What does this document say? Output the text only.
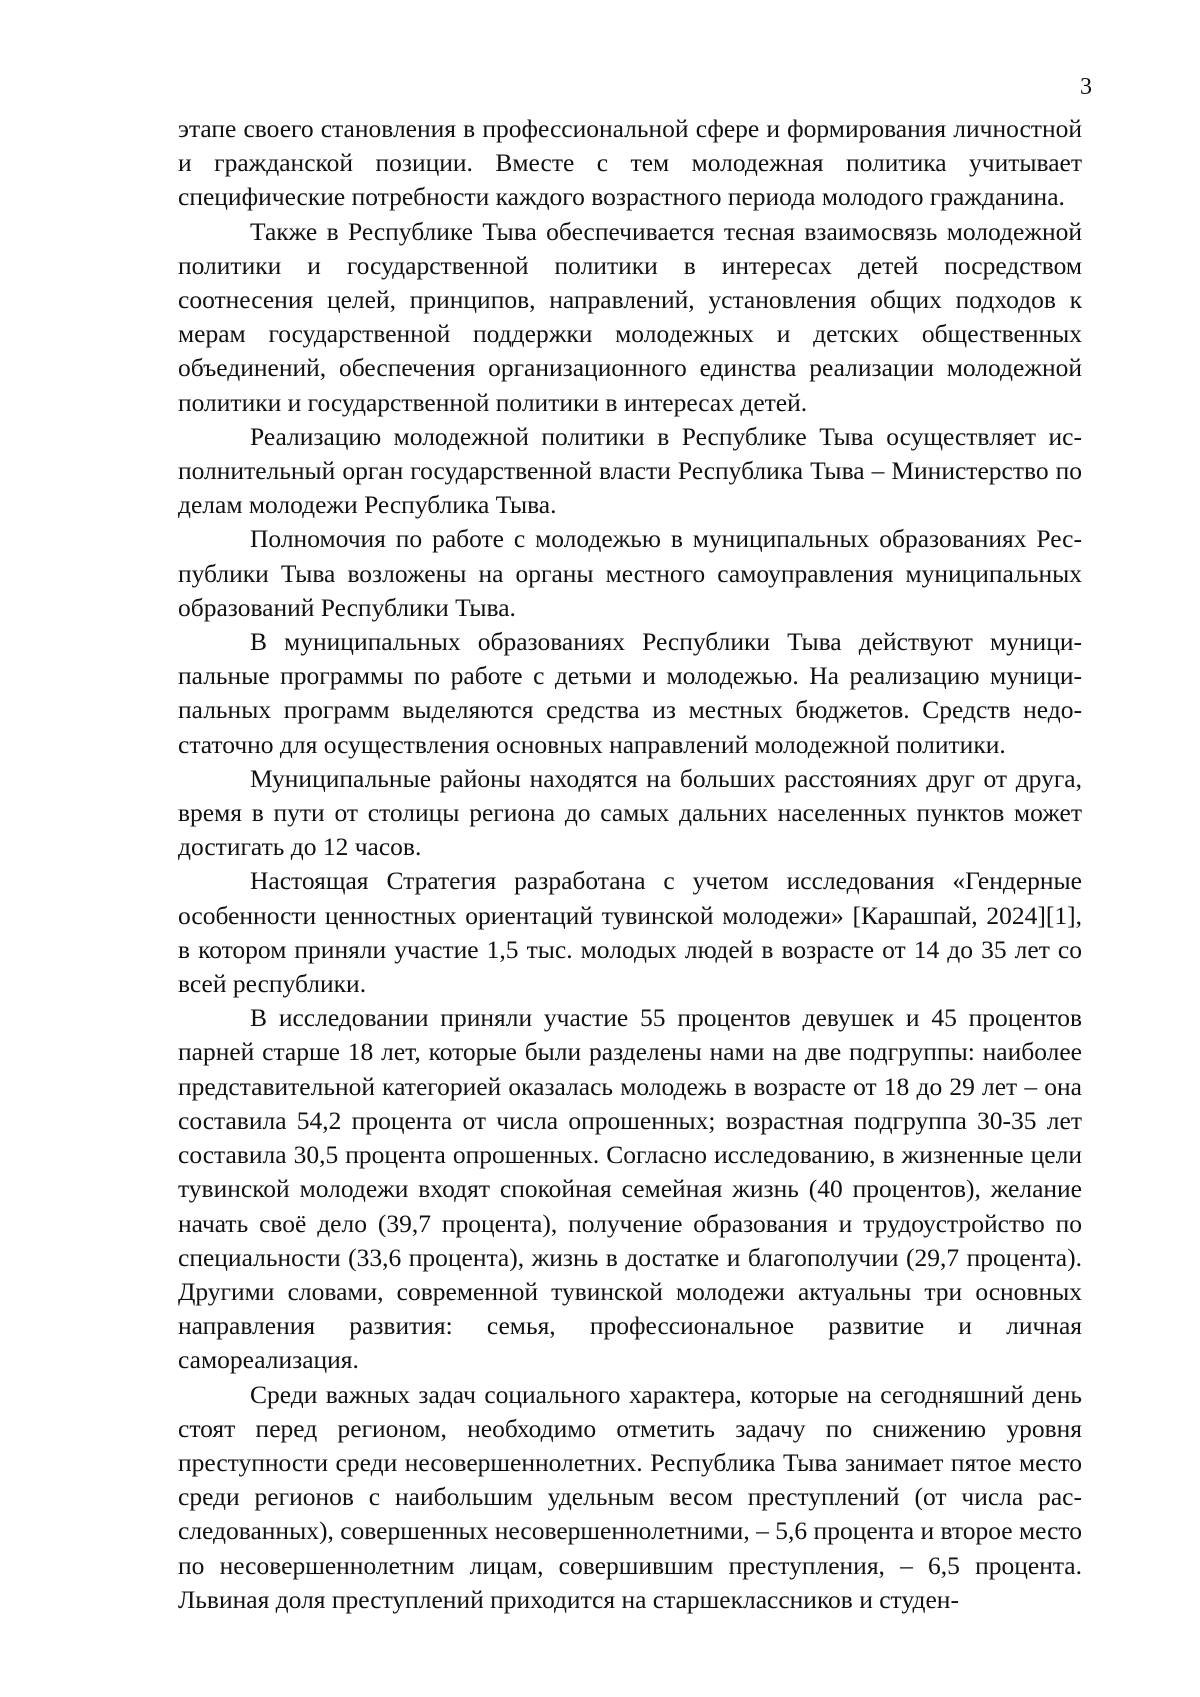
3

этапе своего становления в профессиональной сфере и формирования личностной и гражданской позиции. Вместе с тем молодежная политика учитывает специфические потребности каждого возрастного периода молодого гражданина.

Также в Республике Тыва обеспечивается тесная взаимосвязь молодежной политики и государственной политики в интересах детей посредством соотнесения целей, принципов, направлений, установления общих подходов к мерам государственной поддержки молодежных и детских общественных объединений, обеспечения организационного единства реализации молодежной политики и государственной политики в интересах детей.

Реализацию молодежной политики в Республике Тыва осуществляет исполнительный орган государственной власти Республика Тыва – Министерство по делам молодежи Республика Тыва.

Полномочия по работе с молодежью в муниципальных образованиях Республики Тыва возложены на органы местного самоуправления муниципальных образований Республики Тыва.

В муниципальных образованиях Республики Тыва действуют муниципальные программы по работе с детьми и молодежью. На реализацию муниципальных программ выделяются средства из местных бюджетов. Средств недостаточно для осуществления основных направлений молодежной политики.

Муниципальные районы находятся на больших расстояниях друг от друга, время в пути от столицы региона до самых дальних населенных пунктов может достигать до 12 часов.

Настоящая Стратегия разработана с учетом исследования «Гендерные особенности ценностных ориентаций тувинской молодежи» [Карашпай, 2024][1], в котором приняли участие 1,5 тыс. молодых людей в возрасте от 14 до 35 лет со всей республики.

В исследовании приняли участие 55 процентов девушек и 45 процентов парней старше 18 лет, которые были разделены нами на две подгруппы: наиболее представительной категорией оказалась молодежь в возрасте от 18 до 29 лет – она составила 54,2 процента от числа опрошенных; возрастная подгруппа 30-35 лет составила 30,5 процента опрошенных. Согласно исследованию, в жизненные цели тувинской молодежи входят спокойная семейная жизнь (40 процентов), желание начать своё дело (39,7 процента), получение образования и трудоустройство по специальности (33,6 процента), жизнь в достатке и благополучии (29,7 процента). Другими словами, современной тувинской молодежи актуальны три основных направления развития: семья, профессиональное развитие и личная самореализация.

Среди важных задач социального характера, которые на сегодняшний день стоят перед регионом, необходимо отметить задачу по снижению уровня преступности среди несовершеннолетних. Республика Тыва занимает пятое место среди регионов с наибольшим удельным весом преступлений (от числа расследованных), совершенных несовершеннолетними, – 5,6 процента и второе место по несовершеннолетним лицам, совершившим преступления, – 6,5 процента. Львиная доля преступлений приходится на старшеклассников и студен-
